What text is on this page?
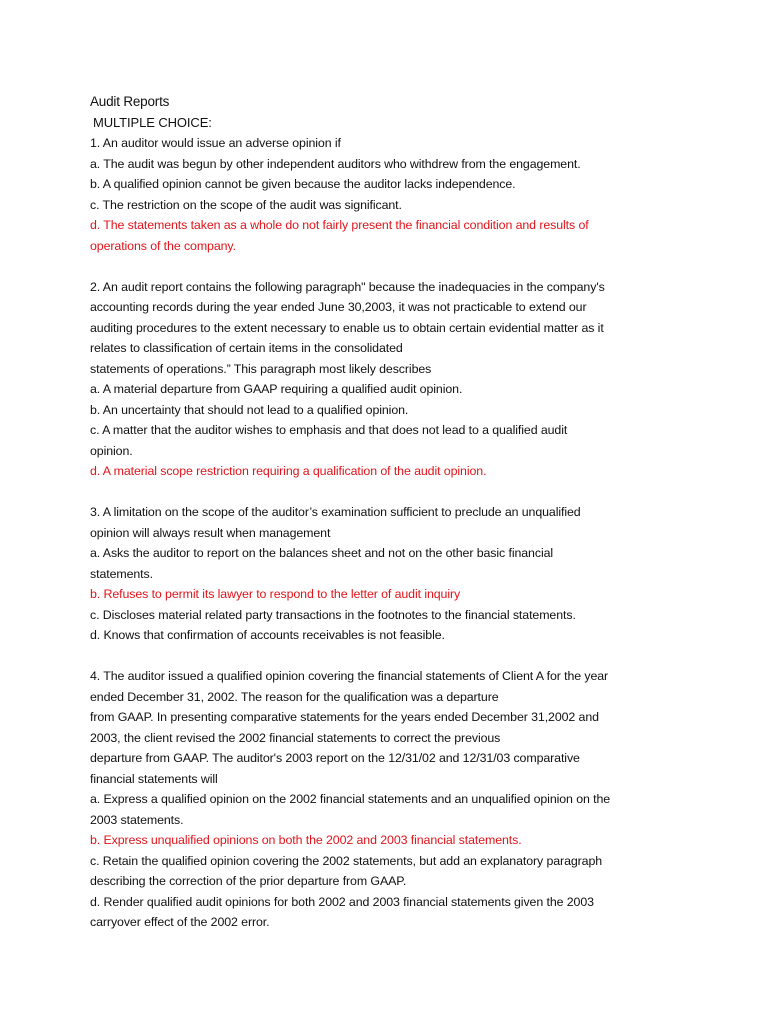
Audit Reports
MULTIPLE CHOICE:
1. An auditor would issue an adverse opinion if
a. The audit was begun by other independent auditors who withdrew from the engagement.
b. A qualified opinion cannot be given because the auditor lacks independence.
c. The restriction on the scope of the audit was significant.
d. The statements taken as a whole do not fairly present the financial condition and results of
operations of the company.
2. An audit report contains the following paragraph" because the inadequacies in the company's
accounting records during the year ended June 30,2003, it was not practicable to extend our
auditing procedures to the extent necessary to enable us to obtain certain evidential matter as it
relates to classification of certain items in the consolidated
statements of operations.” This paragraph most likely describes
a. A material departure from GAAP requiring a qualified audit opinion.
b. An uncertainty that should not lead to a qualified opinion.
c. A matter that the auditor wishes to emphasis and that does not lead to a qualified audit
opinion.
d. A material scope restriction requiring a qualification of the audit opinion.
3. A limitation on the scope of the auditor’s examination sufficient to preclude an unqualified
opinion will always result when management
a. Asks the auditor to report on the balances sheet and not on the other basic financial
statements.
b. Refuses to permit its lawyer to respond to the letter of audit inquiry
c. Discloses material related party transactions in the footnotes to the financial statements.
d. Knows that confirmation of accounts receivables is not feasible.
4. The auditor issued a qualified opinion covering the financial statements of Client A for the year
ended December 31, 2002. The reason for the qualification was a departure
from GAAP. In presenting comparative statements for the years ended December 31,2002 and
2003, the client revised the 2002 financial statements to correct the previous
departure from GAAP. The auditor's 2003 report on the 12/31/02 and 12/31/03 comparative
financial statements will
a. Express a qualified opinion on the 2002 financial statements and an unqualified opinion on the
2003 statements.
b. Express unqualified opinions on both the 2002 and 2003 financial statements.
c. Retain the qualified opinion covering the 2002 statements, but add an explanatory paragraph
describing the correction of the prior departure from GAAP.
d. Render qualified audit opinions for both 2002 and 2003 financial statements given the 2003
carryover effect of the 2002 error.
